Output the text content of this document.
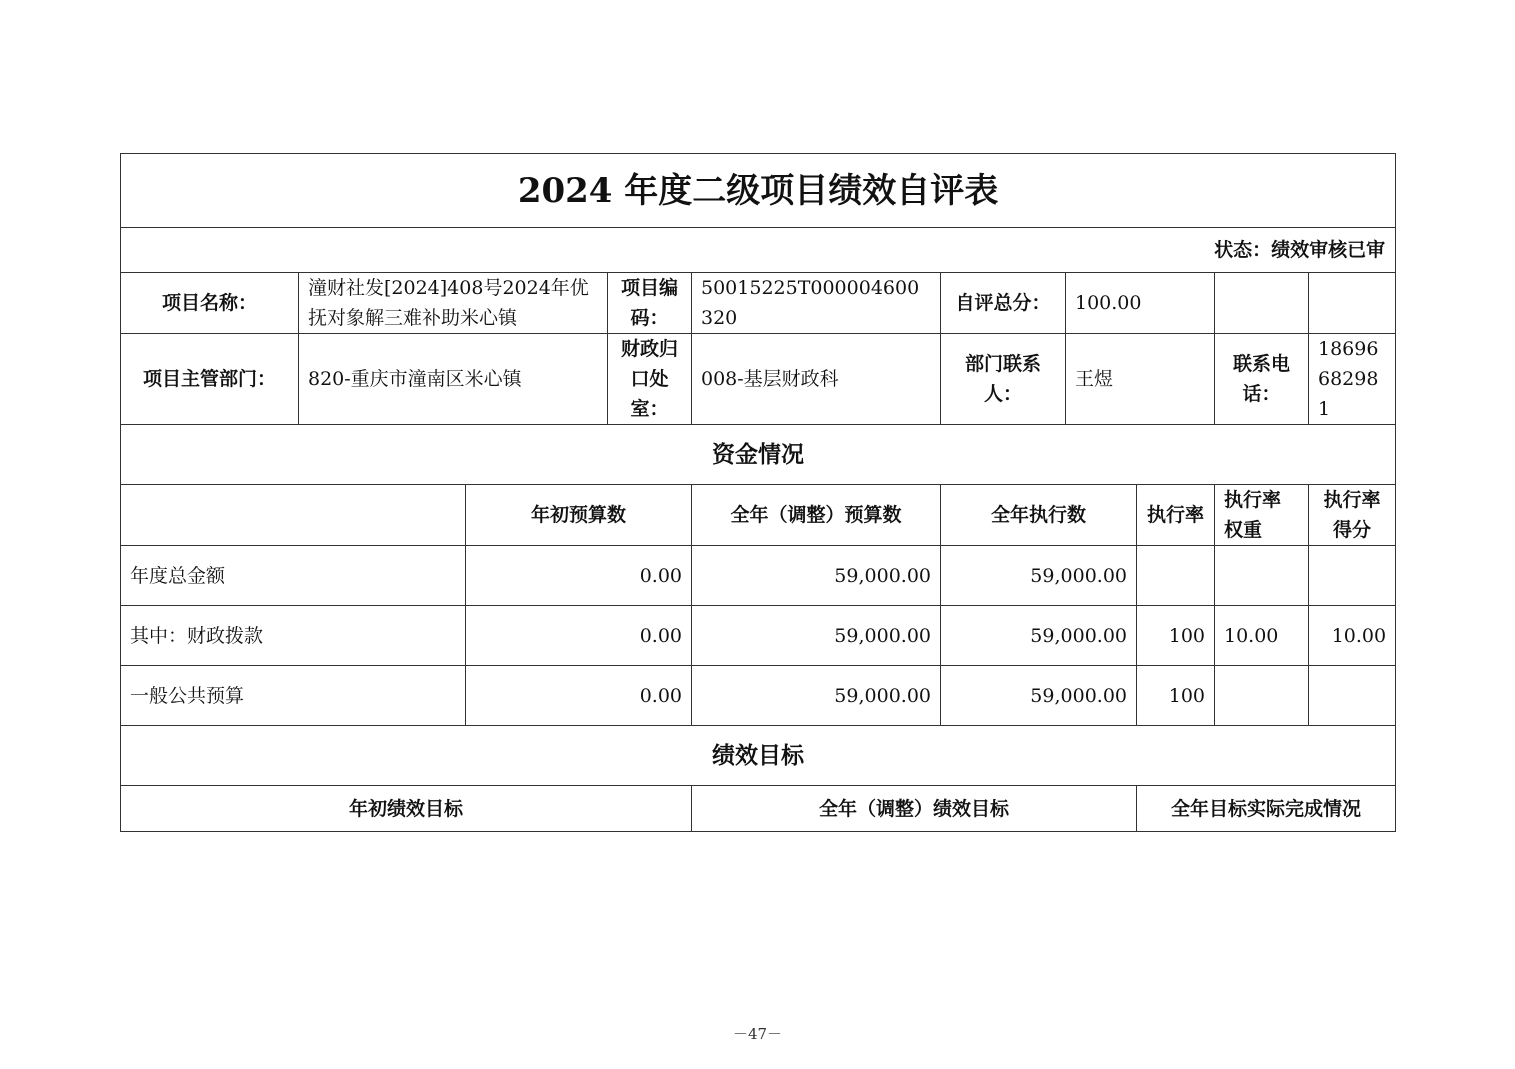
2024 年度二级项目绩效自评表									
状态：绩效审核已审									
项目名称：	潼财社发[2024]408号2024年优抚对象解三难补助米心镇		项目编码：	50015225T000004600320	自评总分：	100.00			
项目主管部门：	820-重庆市潼南区米心镇		财政归口处室：	008-基层财政科	部门联系人：	王煜		联系电话：	18696682981
资金情况									
		年初预算数		全年（调整）预算数	全年执行数		执行率	执行率权重	执行率得分
年度总金额		0.00		59,000.00	59,000.00				
其中：财政拨款		0.00		59,000.00	59,000.00		100	10.00	10.00
一般公共预算		0.00		59,000.00	59,000.00		100		
绩效目标									
年初绩效目标				全年（调整）绩效目标			全年目标实际完成情况		
－47－
